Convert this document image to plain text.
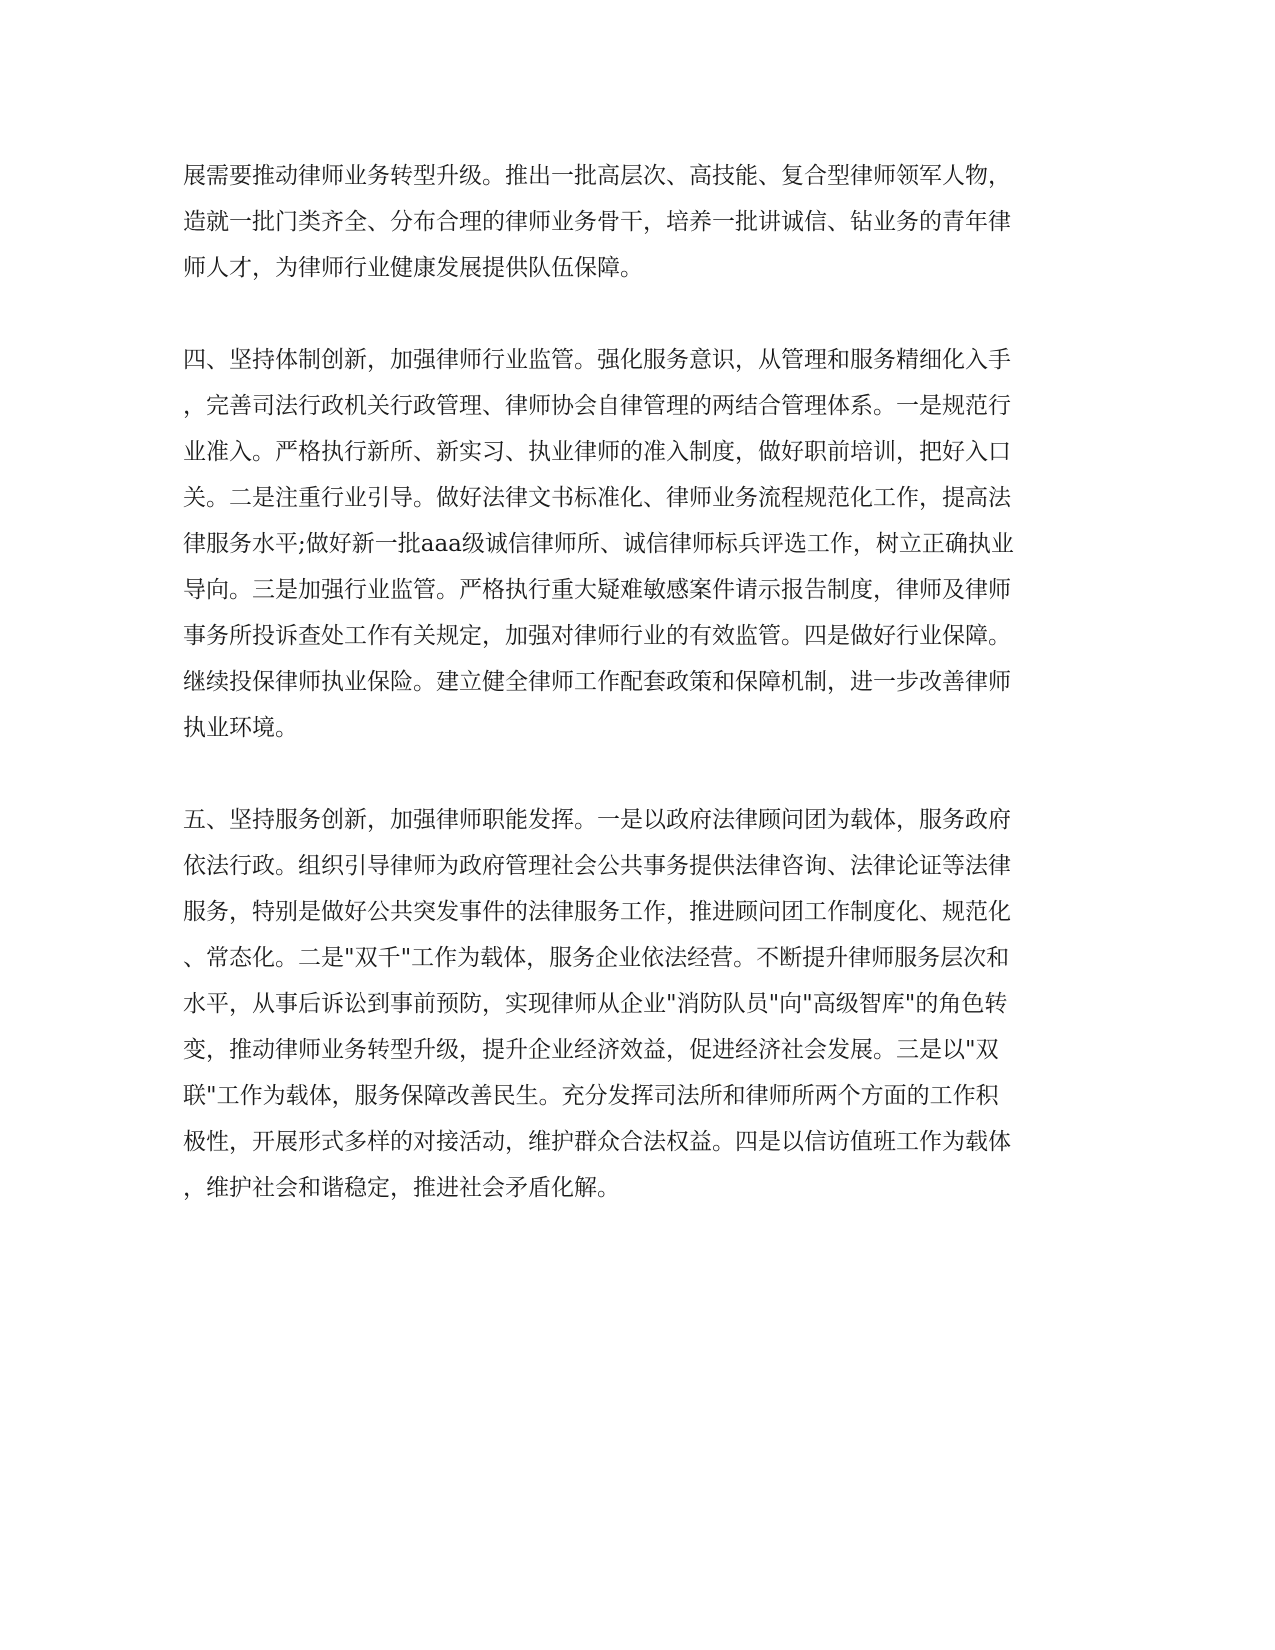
展需要推动律师业务转型升级。推出一批高层次、高技能、复合型律师领军人物，
造就一批门类齐全、分布合理的律师业务骨干，培养一批讲诚信、钻业务的青年律
师人才，为律师行业健康发展提供队伍保障。
四、坚持体制创新，加强律师行业监管。强化服务意识，从管理和服务精细化入手
，完善司法行政机关行政管理、律师协会自律管理的两结合管理体系。一是规范行
业准入。严格执行新所、新实习、执业律师的准入制度，做好职前培训，把好入口
关。二是注重行业引导。做好法律文书标准化、律师业务流程规范化工作，提高法
律服务水平;做好新一批aaa级诚信律师所、诚信律师标兵评选工作，树立正确执业
导向。三是加强行业监管。严格执行重大疑难敏感案件请示报告制度，律师及律师
事务所投诉查处工作有关规定，加强对律师行业的有效监管。四是做好行业保障。
继续投保律师执业保险。建立健全律师工作配套政策和保障机制，进一步改善律师
执业环境。
五、坚持服务创新，加强律师职能发挥。一是以政府法律顾问团为载体，服务政府
依法行政。组织引导律师为政府管理社会公共事务提供法律咨询、法律论证等法律
服务，特别是做好公共突发事件的法律服务工作，推进顾问团工作制度化、规范化
、常态化。二是"双千"工作为载体，服务企业依法经营。不断提升律师服务层次和
水平，从事后诉讼到事前预防，实现律师从企业"消防队员"向"高级智库"的角色转
变，推动律师业务转型升级，提升企业经济效益，促进经济社会发展。三是以"双
联"工作为载体，服务保障改善民生。充分发挥司法所和律师所两个方面的工作积
极性，开展形式多样的对接活动，维护群众合法权益。四是以信访值班工作为载体
，维护社会和谐稳定，推进社会矛盾化解。
